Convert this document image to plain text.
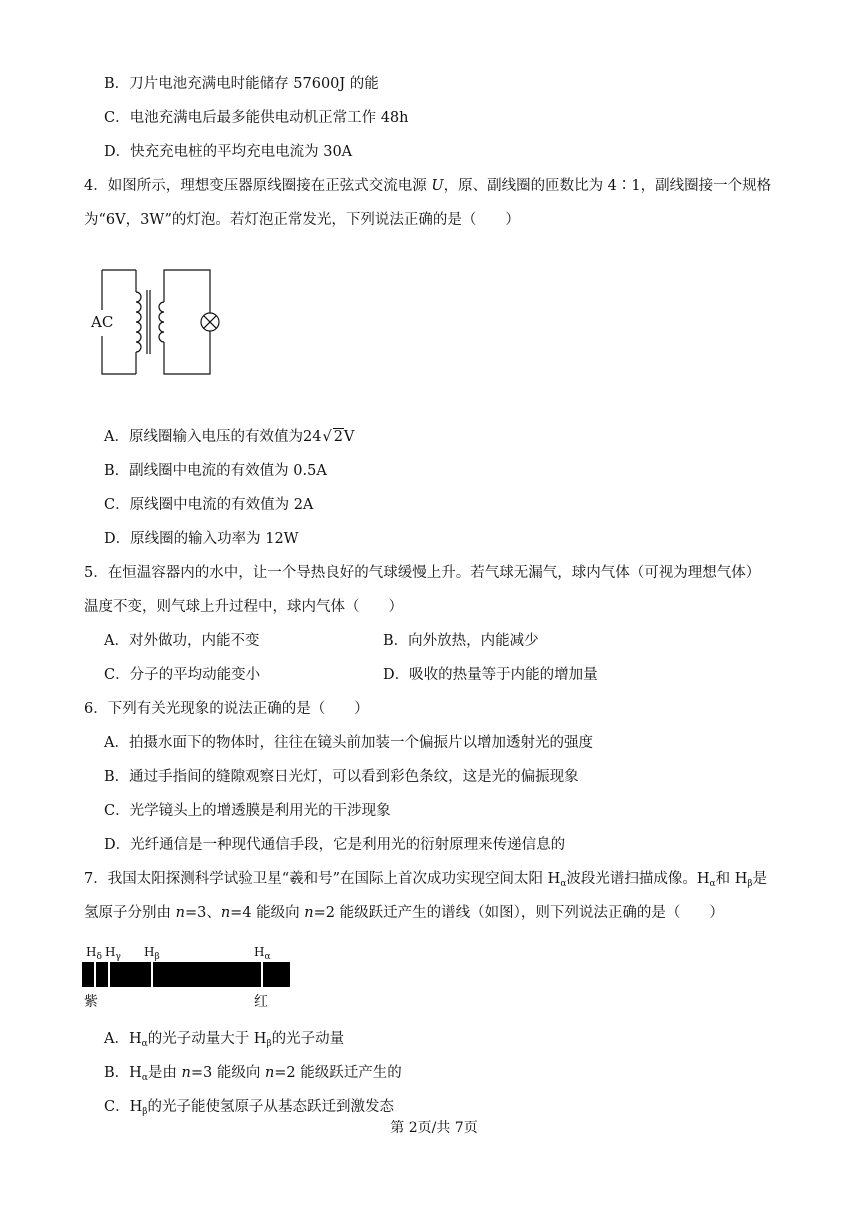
B．刀片电池充满电时能储存 57600J 的能
C．电池充满电后最多能供电动机正常工作 48h
D．快充充电桩的平均充电电流为 30A
4．如图所示，理想变压器原线圈接在正弦式交流电源 U，原、副线圈的匝数比为 4∶1，副线圈接一个规格
为“6V，3W”的灯泡。若灯泡正常发光，下列说法正确的是（　　）
AC
A．原线圈输入电压的有效值为24√ 2V
B．副线圈中电流的有效值为 0.5A
C．原线圈中电流的有效值为 2A
D．原线圈的输入功率为 12W
5．在恒温容器内的水中，让一个导热良好的气球缓慢上升。若气球无漏气，球内气体（可视为理想气体）
温度不变，则气球上升过程中，球内气体（　　）
A．对外做功，内能不变	B．向外放热，内能减少
C．分子的平均动能变小	D．吸收的热量等于内能的增加量
6．下列有关光现象的说法正确的是（　　）
A．拍摄水面下的物体时，往往在镜头前加装一个偏振片以增加透射光的强度
B．通过手指间的缝隙观察日光灯，可以看到彩色条纹，这是光的偏振现象
C．光学镜头上的增透膜是利用光的干涉现象
D．光纤通信是一种现代通信手段，它是利用光的衍射原理来传递信息的
7．我国太阳探测科学试验卫星“羲和号”在国际上首次成功实现空间太阳 $H_\alpha$波段光谱扫描成像。$H_\alpha$和 $H_\beta$是
氢原子分别由 n=3、n=4 能级向 n=2 能级跃迁产生的谱线（如图），则下列说法正确的是（　　）
$H_\delta$ $H_\gamma$ $H_\beta$	$H_\alpha$
紫	红
A．$H_\alpha$的光子动量大于 $H_\beta$的光子动量
B．$H_\alpha$是由 n=3 能级向 n=2 能级跃迁产生的
C．$H_\beta$的光子能使氢原子从基态跃迁到激发态
第 2页/共 7页
